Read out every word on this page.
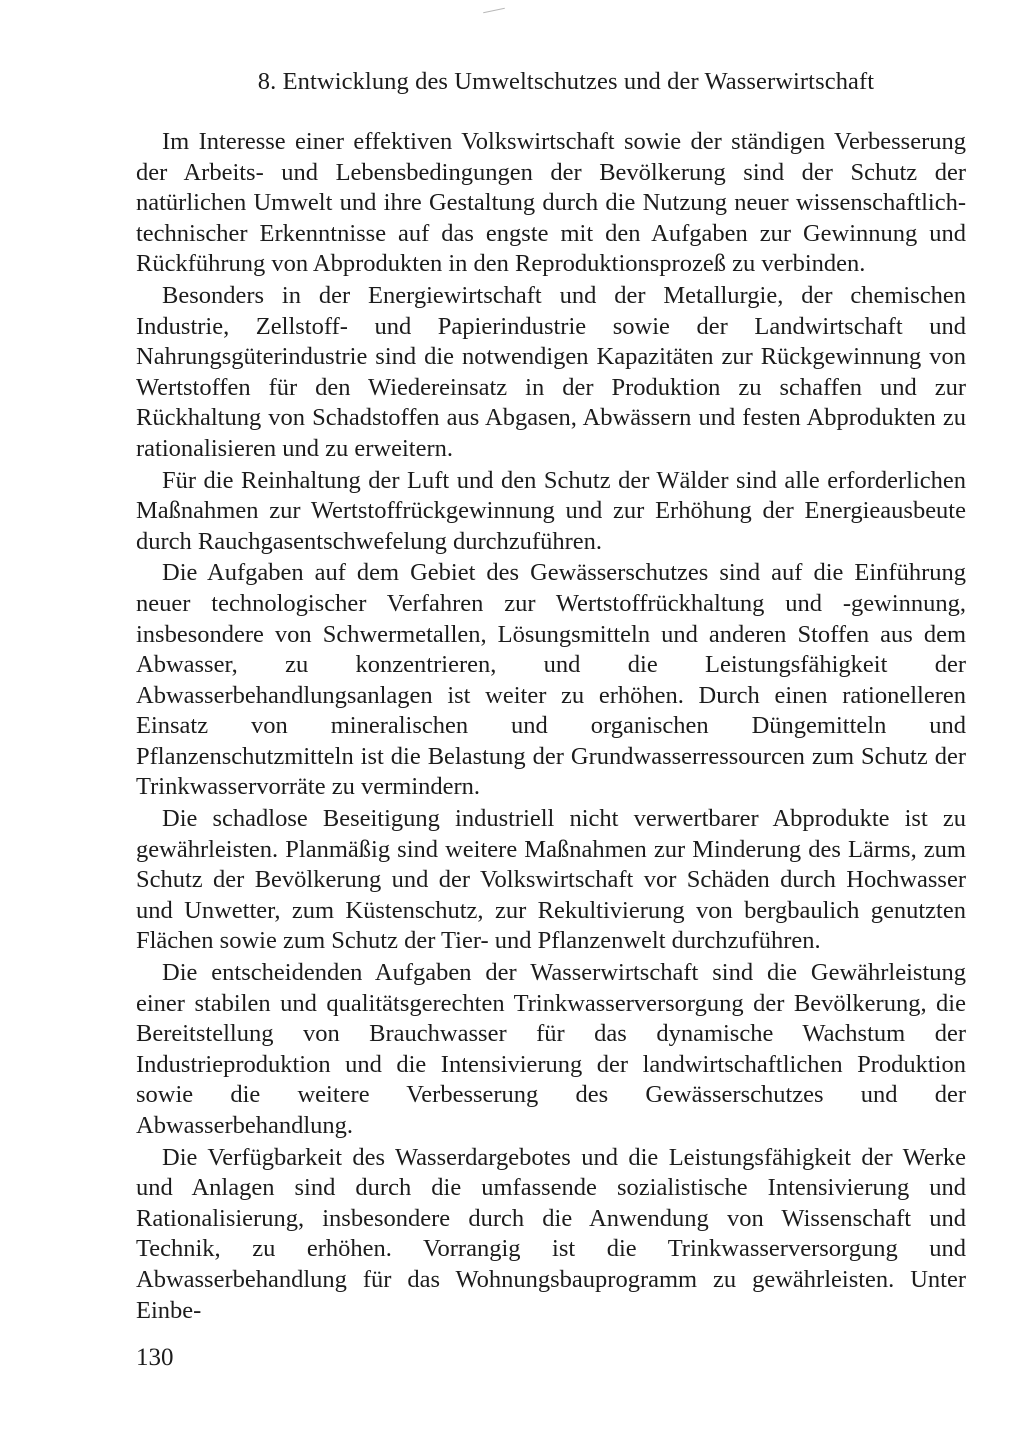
8. Entwicklung des Umweltschutzes und der Wasserwirtschaft

Im Interesse einer effektiven Volkswirtschaft sowie der ständigen Verbesserung der Arbeits- und Lebensbedingungen der Bevölkerung sind der Schutz der natürlichen Umwelt und ihre Gestaltung durch die Nutzung neuer wissenschaftlich-technischer Erkenntnisse auf das engste mit den Aufgaben zur Gewinnung und Rückführung von Abprodukten in den Reproduktionsprozeß zu verbinden.

Besonders in der Energiewirtschaft und der Metallurgie, der chemischen Industrie, Zellstoff- und Papierindustrie sowie der Landwirtschaft und Nahrungsgüterindustrie sind die notwendigen Kapazitäten zur Rückgewinnung von Wertstoffen für den Wiedereinsatz in der Produktion zu schaffen und zur Rückhaltung von Schadstoffen aus Abgasen, Abwässern und festen Abprodukten zu rationalisieren und zu erweitern.

Für die Reinhaltung der Luft und den Schutz der Wälder sind alle erforderlichen Maßnahmen zur Wertstoffrückgewinnung und zur Erhöhung der Energieausbeute durch Rauchgasentschwefelung durchzuführen.

Die Aufgaben auf dem Gebiet des Gewässerschutzes sind auf die Einführung neuer technologischer Verfahren zur Wertstoffrückhaltung und -gewinnung, insbesondere von Schwermetallen, Lösungsmitteln und anderen Stoffen aus dem Abwasser, zu konzentrieren, und die Leistungsfähigkeit der Abwasserbehandlungsanlagen ist weiter zu erhöhen. Durch einen rationelleren Einsatz von mineralischen und organischen Düngemitteln und Pflanzenschutzmitteln ist die Belastung der Grundwasserressourcen zum Schutz der Trinkwasservorräte zu vermindern.

Die schadlose Beseitigung industriell nicht verwertbarer Abprodukte ist zu gewährleisten. Planmäßig sind weitere Maßnahmen zur Minderung des Lärms, zum Schutz der Bevölkerung und der Volkswirtschaft vor Schäden durch Hochwasser und Unwetter, zum Küstenschutz, zur Rekultivierung von bergbaulich genutzten Flächen sowie zum Schutz der Tier- und Pflanzenwelt durchzuführen.

Die entscheidenden Aufgaben der Wasserwirtschaft sind die Gewährleistung einer stabilen und qualitätsgerechten Trinkwasserversorgung der Bevölkerung, die Bereitstellung von Brauchwasser für das dynamische Wachstum der Industrieproduktion und die Intensivierung der landwirtschaftlichen Produktion sowie die weitere Verbesserung des Gewässerschutzes und der Abwasserbehandlung.

Die Verfügbarkeit des Wasserdargebotes und die Leistungsfähigkeit der Werke und Anlagen sind durch die umfassende sozialistische Intensivierung und Rationalisierung, insbesondere durch die Anwendung von Wissenschaft und Technik, zu erhöhen. Vorrangig ist die Trinkwasserversorgung und Abwasserbehandlung für das Wohnungsbauprogramm zu gewährleisten. Unter Einbe-

130
